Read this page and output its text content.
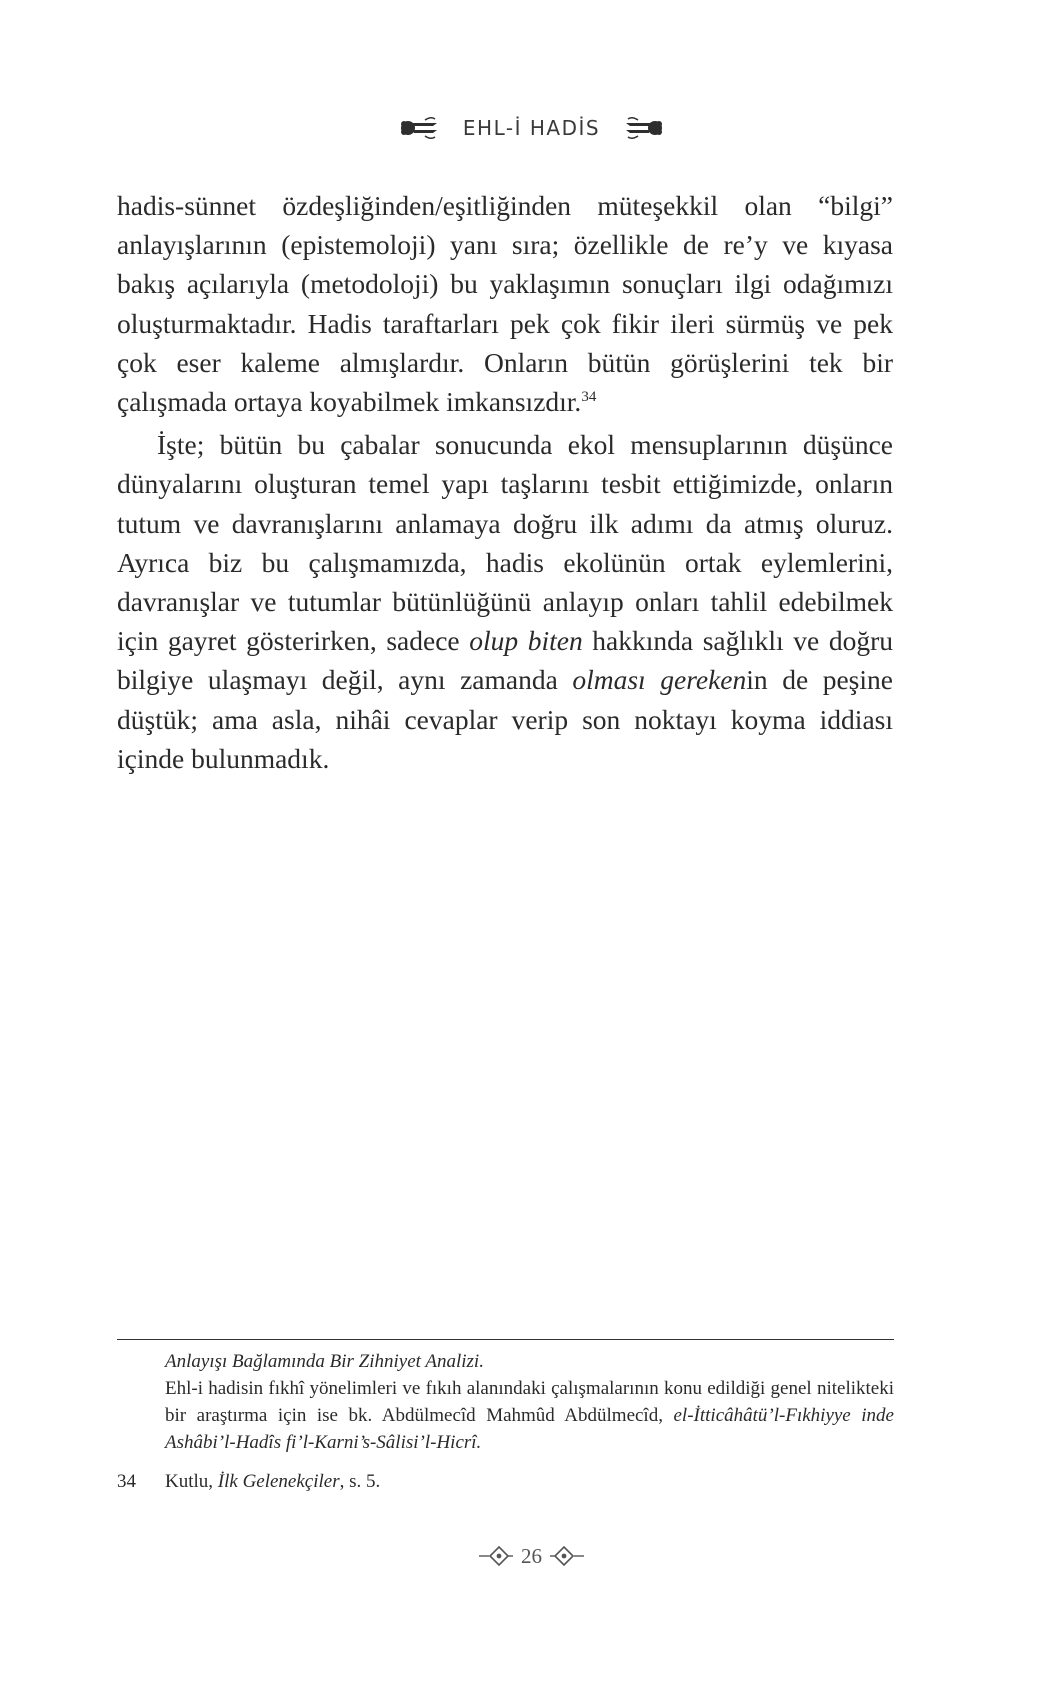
EHL-İ HADİS

hadis-sünnet özdeşliğinden/eşitliğinden müteşekkil olan “bilgi” anlayışlarının (epistemoloji) yanı sıra; özellikle de re’y ve kıyasa bakış açılarıyla (metodoloji) bu yaklaşımın sonuçları ilgi odağımızı oluşturmaktadır. Hadis taraftarları pek çok fikir ileri sürmüş ve pek çok eser kaleme almışlardır. Onların bütün görüşlerini tek bir çalışmada ortaya koyabilmek imkansızdır.$^{34}$

İşte; bütün bu çabalar sonucunda ekol mensuplarının düşünce dünyalarını oluşturan temel yapı taşlarını tesbit ettiğimizde, onların tutum ve davranışlarını anlamaya doğru ilk adımı da atmış oluruz. Ayrıca biz bu çalışmamızda, hadis ekolünün ortak eylemlerini, davranışlar ve tutumlar bütünlüğünü anlayıp onları tahlil edebilmek için gayret gösterirken, sadece olup biten hakkında sağlıklı ve doğru bilgiye ulaşmayı değil, aynı zamanda olması gerekenin de peşine düştük; ama asla, nihâi cevaplar verip son noktayı koyma iddiası içinde bulunmadık.

Anlayışı Bağlamında Bir Zihniyet Analizi.

Ehl-i hadisin fıkhî yönelimleri ve fıkıh alanındaki çalışmalarının konu edildiği genel nitelikteki bir araştırma için ise bk. Abdülmecîd Mahmûd Abdülmecîd, el-İtticâhâtü’l-Fıkhiyye inde Ashâbi’l-Hadîs fi’l-Karni’s-Sâlisi’l-Hicrî.

34	Kutlu, İlk Gelenekçiler, s. 5.
26
